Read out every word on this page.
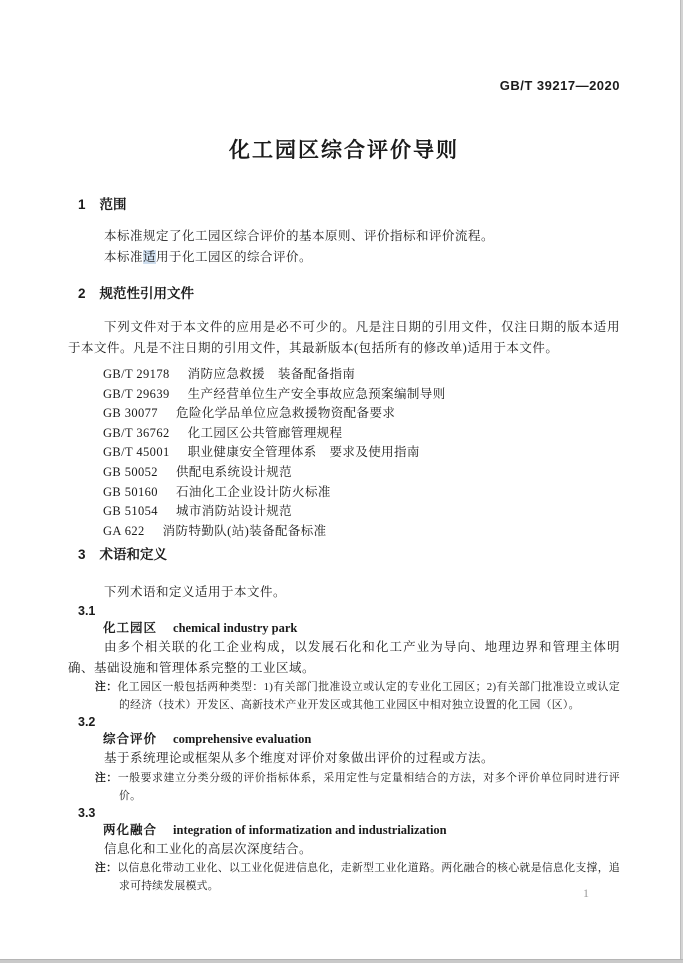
GB/T 39217—2020
化工园区综合评价导则
1 范围

本标准规定了化工园区综合评价的基本原则、评价指标和评价流程。

本标准适用于化工园区的综合评价。

2 规范性引用文件

下列文件对于本文件的应用是必不可少的。凡是注日期的引用文件，仅注日期的版本适用于本文件。凡是不注日期的引用文件，其最新版本(包括所有的修改单)适用于本文件。

GB/T 29178 消防应急救援　装备配备指南
GB/T 29639 生产经营单位生产安全事故应急预案编制导则
GB 30077 危险化学品单位应急救援物资配备要求
GB/T 36762 化工园区公共管廊管理规程
GB/T 45001 职业健康安全管理体系　要求及使用指南
GB 50052 供配电系统设计规范
GB 50160 石油化工企业设计防火标准
GB 51054 城市消防站设计规范
GA 622 消防特勤队(站)装备配备标准
3 术语和定义

下列术语和定义适用于本文件。

3.1
化工园区 chemical industry park

由多个相关联的化工企业构成，以发展石化和化工产业为导向、地理边界和管理主体明确、基础设施和管理体系完整的工业区域。

注：化工园区一般包括两种类型：1)有关部门批准设立或认定的专业化工园区；2)有关部门批准设立或认定的经济（技术）开发区、高新技术产业开发区或其他工业园区中相对独立设置的化工园（区）。

3.2
综合评价 comprehensive evaluation

基于系统理论或框架从多个维度对评价对象做出评价的过程或方法。

注：一般要求建立分类分级的评价指标体系，采用定性与定量相结合的方法，对多个评价单位同时进行评价。

3.3
两化融合 integration of informatization and industrialization

信息化和工业化的高层次深度结合。

注：以信息化带动工业化、以工业化促进信息化，走新型工业化道路。两化融合的核心就是信息化支撑，追求可持续发展模式。	1
